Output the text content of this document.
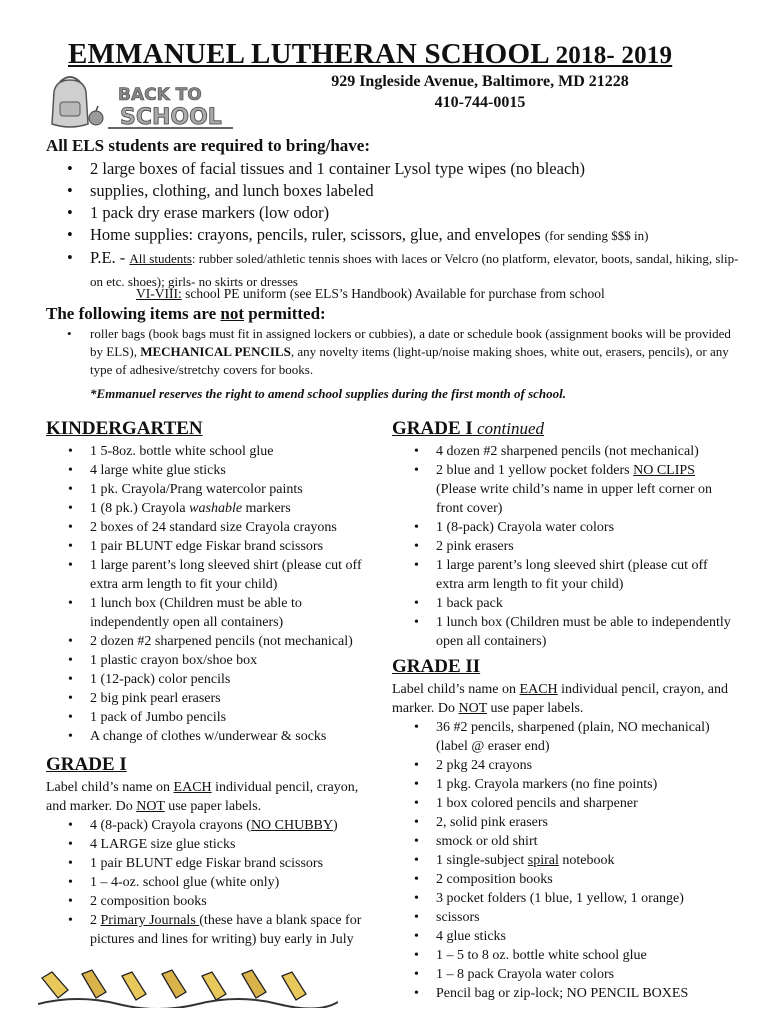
EMMANUEL LUTHERAN SCHOOL 2018- 2019
BACK TO
SCHOOL
929 Ingleside Avenue, Baltimore, MD 21228
410-744-0015
All ELS students are required to bring/have:
• 2 large boxes of facial tissues and 1 container Lysol type wipes (no bleach)
• supplies, clothing, and lunch boxes labeled
• 1 pack dry erase markers (low odor)
• Home supplies: crayons, pencils, ruler, scissors, glue, and envelopes (for sending $$$ in)
• P.E. - All students: rubber soled/athletic tennis shoes with laces or Velcro (no platform, elevator, boots, sandal, hiking, slip-on etc. shoes); girls- no skirts or dresses
VI-VIII: school PE uniform (see ELS’s Handbook) Available for purchase from school
The following items are not permitted:
• roller bags (book bags must fit in assigned lockers or cubbies), a date or schedule book (assignment books will be provided by ELS), MECHANICAL PENCILS, any novelty items (light-up/noise making shoes, white out, erasers, pencils), or any type of adhesive/stretchy covers for books.
*Emmanuel reserves the right to amend school supplies during the first month of school.
KINDERGARTEN
• 1 5-8oz. bottle white school glue
• 4 large white glue sticks
• 1 pk. Crayola/Prang watercolor paints
• 1 (8 pk.) Crayola washable markers
• 2 boxes of 24 standard size Crayola crayons
• 1 pair BLUNT edge Fiskar brand scissors
• 1 large parent’s long sleeved shirt (please cut off extra arm length to fit your child)
• 1 lunch box (Children must be able to independently open all containers)
• 2 dozen #2 sharpened pencils (not mechanical)
• 1 plastic crayon box/shoe box
• 1 (12-pack) color pencils
• 2 big pink pearl erasers
• 1 pack of Jumbo pencils
• A change of clothes w/underwear & socks
GRADE I

Label child’s name on EACH individual pencil, crayon, and marker. Do NOT use paper labels.

• 4 (8-pack) Crayola crayons (NO CHUBBY)
• 4 LARGE size glue sticks
• 1 pair BLUNT edge Fiskar brand scissors
• 1 – 4-oz. school glue (white only)
• 2 composition books
• 2 Primary Journals (these have a blank space for pictures and lines for writing) buy early in July
GRADE I continued
• 4 dozen #2 sharpened pencils (not mechanical)
• 2 blue and 1 yellow pocket folders NO CLIPS (Please write child’s name in upper left corner on front cover)
• 1 (8-pack) Crayola water colors
• 2 pink erasers
• 1 large parent’s long sleeved shirt (please cut off extra arm length to fit your child)
• 1 back pack
• 1 lunch box (Children must be able to independently open all containers)
GRADE II

Label child’s name on EACH individual pencil, crayon, and marker. Do NOT use paper labels.

• 36 #2 pencils, sharpened (plain, NO mechanical) (label @ eraser end)
• 2 pkg 24 crayons
• 1 pkg. Crayola markers (no fine points)
• 1 box colored pencils and sharpener
• 2, solid pink erasers
• smock or old shirt
• 1 single-subject spiral notebook
• 2 composition books
• 3 pocket folders (1 blue, 1 yellow, 1 orange)
• scissors
• 4 glue sticks
• 1 – 5 to 8 oz. bottle white school glue
• 1 – 8 pack Crayola water colors
• Pencil bag or zip-lock; NO PENCIL BOXES
